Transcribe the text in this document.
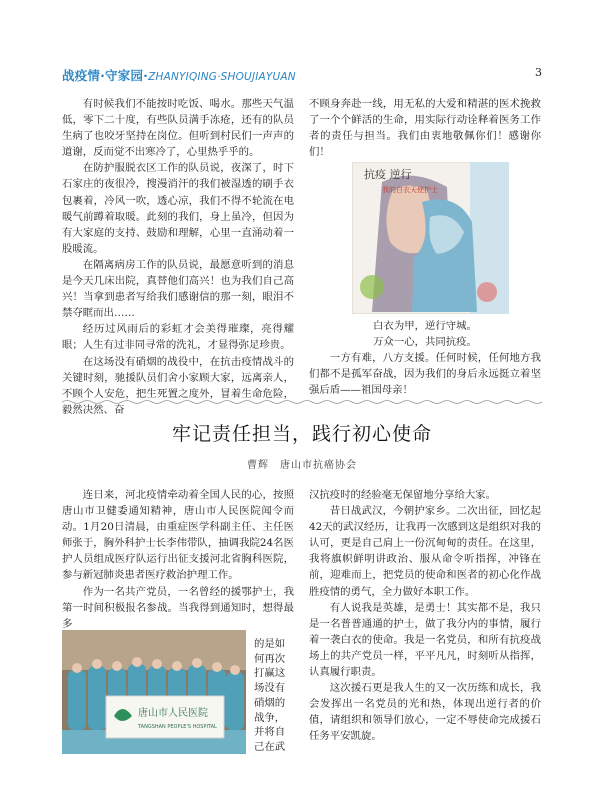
战疫情·守家园·ZHANYIQING·SHOUJIAYUAN	3

有时候我们不能按时吃饭、喝水。那些天气温低，零下二十度，有些队员满手冻疮，还有的队员生病了也咬牙坚持在岗位。但听到村民们一声声的道谢，反而觉不出寒冷了，心里热乎乎的。

在防护服脱衣区工作的队员说，夜深了，时下石家庄的夜很冷，搜漫消汗的我们被湿透的刷手衣包裹着，冷风一吹，透心凉，我们不得不轮流在电暖气前蹲着取暖。此刻的我们，身上虽冷，但因为有大家庭的支持、鼓励和理解，心里一直涌动着一股暖流。

在隔离病房工作的队员说，最愿意听到的消息是今天几床出院，真替他们高兴！也为我们自己高兴！当拿到患者写给我们感谢信的那一刻，眼泪不禁夺眶而出……

经历过风雨后的彩虹才会美得璀璨，亮得耀眼；人生有过非同寻常的洗礼，才显得弥足珍贵。

在这场没有硝烟的战役中，在抗击疫情战斗的关键时刻，驰援队员们舍小家顾大家，远离亲人，不顾个人安危，把生死置之度外，冒着生命危险，毅然决然、奋

不顾身奔赴一线，用无私的大爱和精湛的医术挽救了一个个鲜活的生命，用实际行动诠释着医务工作者的责任与担当。我们由衷地敬佩你们！感谢你们！

抗疫 逆行
我的白衣天使护士
白衣为甲，逆行守城。
万众一心，共同抗疫。

一方有难，八方支援。任何时候，任何地方我们都不是孤军奋战，因为我们的身后永远挺立着坚强后盾——祖国母亲！

牢记责任担当，践行初心使命
曹辉　唐山市抗癌协会

连日来，河北疫情牵动着全国人民的心，按照唐山市卫健委通知精神，唐山市人民医院闻令而动。1月20日清晨，由重症医学科副主任、主任医师张于，胸外科护士长李伟带队，抽调我院24名医护人员组成医疗队运行出征支援河北省胸科医院，参与新冠肺炎患者医疗救治护理工作。

作为一名共产党员，一名曾经的援鄂护士，我第一时间积极报名参战。当我得到通知时，想得最多

的是如何再次打赢这场没有硝烟的战争，并将自己在武

唐山市人民医院
TANGSHAN PEOPLE'S HOSPITAL

汉抗疫时的经验毫无保留地分享给大家。

昔日战武汉，今朝护家乡。二次出征，回忆起42天的武汉经历，让我再一次感到这是组织对我的认可，更是自己肩上一份沉甸甸的责任。在这里，我将旗帜鲜明讲政治、服从命令听指挥，冲锋在前，迎难而上，把党员的使命和医者的初心化作战胜疫情的勇气，全力做好本职工作。

有人说我是英雄，是勇士！其实都不是，我只是一名普普通通的护士，做了我分内的事情，履行着一袭白衣的使命。我是一名党员，和所有抗疫战场上的共产党员一样，平平凡凡，时刻听从指挥，认真履行职责。

这次援石更是我人生的又一次历练和成长，我会发挥出一名党员的光和热，体现出逆行者的价值，请组织和领导们放心，一定不辱使命完成援石任务平安凯旋。
